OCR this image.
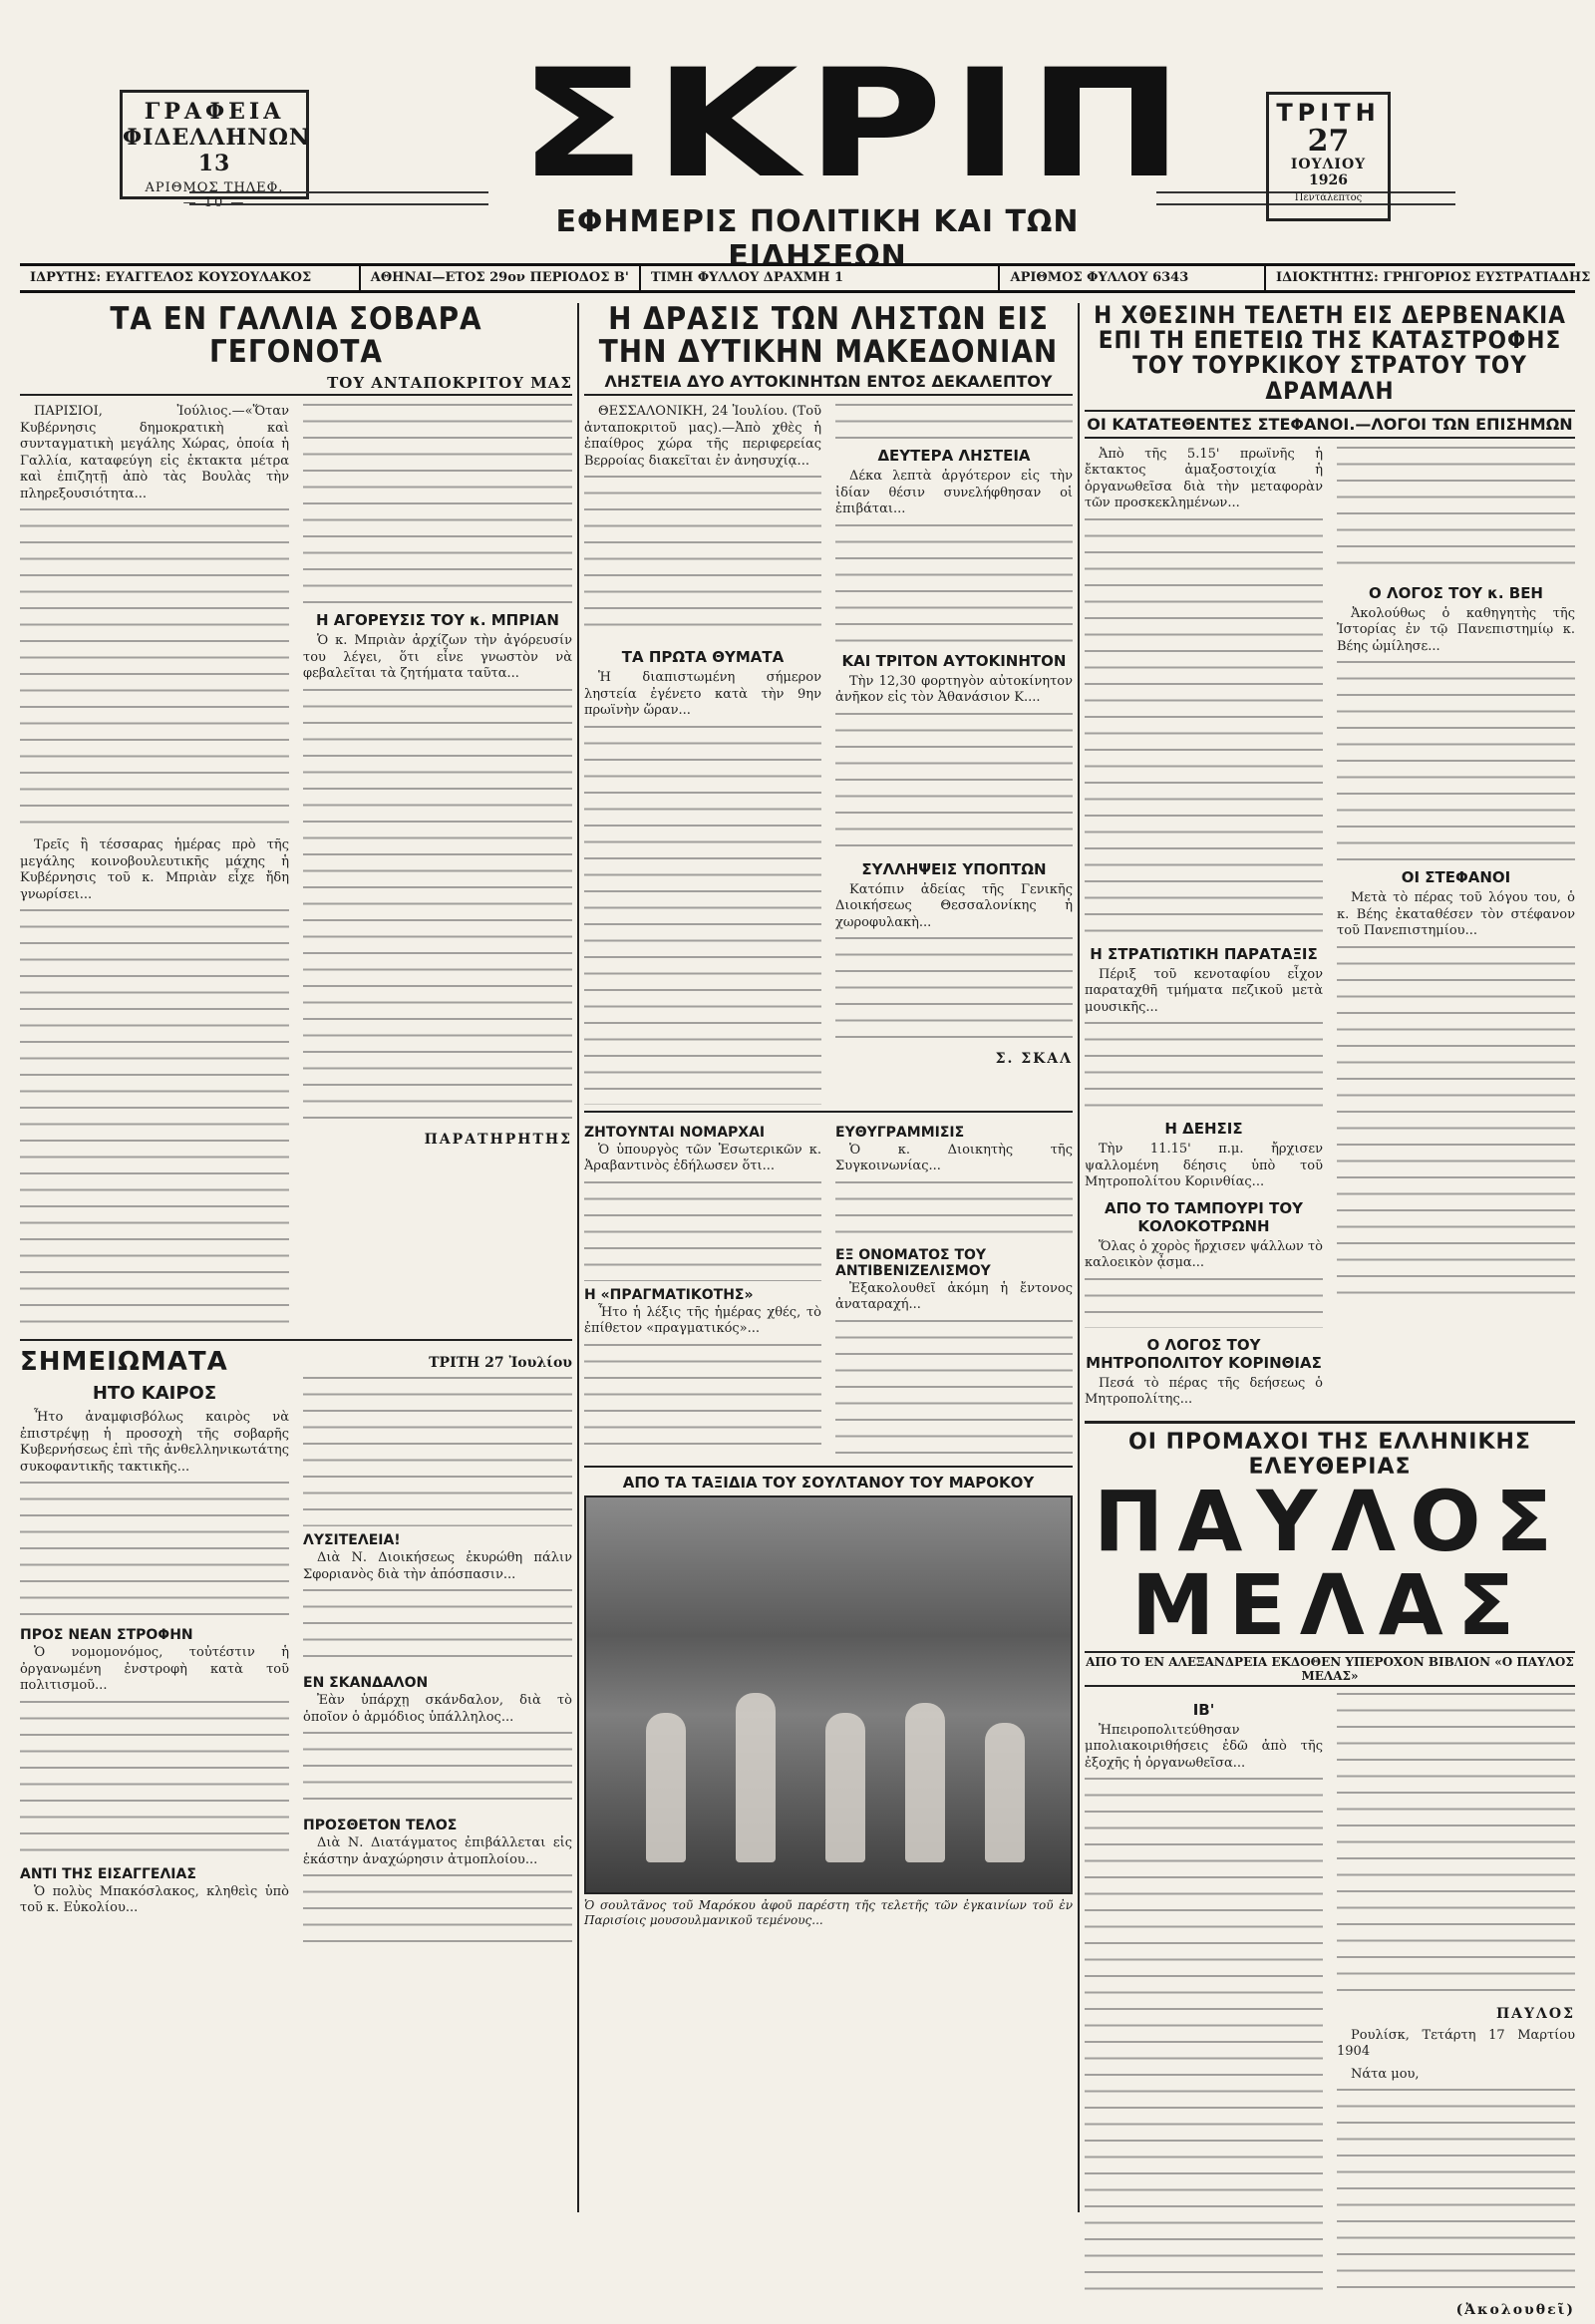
ΓΡΑΦΕΙΑ
ΦΙΔΕΛΛΗΝΩΝ 13
ΑΡΙΘΜΟΣ ΤΗΛΕΦ.
— 10 —	ΣΚΡΙΠ
ΕΦΗΜΕΡΙΣ ΠΟΛΙΤΙΚΗ ΚΑΙ ΤΩΝ ΕΙΔΗΣΕΩΝ
ΤΡΙΤΗ
27
ΙΟΥΛΙΟΥ
1926
Πεντάλεπτος
ΙΔΡΥΤΗΣ: ΕΥΑΓΓΕΛΟΣ ΚΟΥΣΟΥΛΑΚΟΣ	ΑΘΗΝΑΙ—ΕΤΟΣ 29ον ΠΕΡΙΟΔΟΣ Β'	ΤΙΜΗ ΦΥΛΛΟΥ ΔΡΑΧΜΗ 1	ΑΡΙΘΜΟΣ ΦΥΛΛΟΥ 6343	ΙΔΙΟΚΤΗΤΗΣ: ΓΡΗΓΟΡΙΟΣ ΕΥΣΤΡΑΤΙΑΔΗΣ
ΤΑ ΕΝ ΓΑΛΛΙΑ ΣΟΒΑΡΑ ΓΕΓΟΝΟΤΑ
ΤΟΥ ΑΝΤΑΠΟΚΡΙΤΟΥ ΜΑΣ

ΠΑΡΙΣΙΟΙ, Ἰούλιος.—«Ὅταν Κυβέρνησις δημοκρατικὴ καὶ συνταγματικὴ μεγάλης Χώρας, ὁποία ἡ Γαλλία, καταφεύγη εἰς ἐκτακτα μέτρα καὶ ἐπιζητῇ ἀπὸ τὰς Βουλὰς τὴν πληρεξουσιότητα...

Τρεῖς ἢ τέσσαρας ἡμέρας πρὸ τῆς μεγάλης κοινοβουλευτικῆς μάχης ἡ Κυβέρνησις τοῦ κ. Μπριὰν εἶχε ἤδη γνωρίσει...

Η ΑΓΟΡΕΥΣΙΣ ΤΟΥ κ. ΜΠΡΙΑΝ

Ὁ κ. Μπριὰν ἀρχίζων τὴν ἀγόρευσίν του λέγει, ὅτι εἶνε γνωστὸν νὰ φεβαλεῖται τὰ ζητήματα ταῦτα...

ΠΑΡΑΤΗΡΗΤΗΣ
ΣΗΜΕΙΩΜΑΤΑ	ΤΡΙΤΗ 27 Ἰουλίου
ΗΤΟ ΚΑΙΡΟΣ

Ἦτο ἀναμφισβόλως καιρὸς νὰ ἐπιστρέψῃ ἡ προσοχὴ τῆς σοβαρῆς Κυβερνήσεως ἐπὶ τῆς ἀνθελληνικωτάτης συκοφαντικῆς τακτικῆς...

ΠΡΟΣ ΝΕΑΝ ΣΤΡΟΦΗΝ

Ὁ νομομονόμος, τοὐτέστιν ἡ ὀργανωμένη ἐνστροφὴ κατὰ τοῦ πολιτισμοῦ...

ΑΝΤΙ ΤΗΣ ΕΙΣΑΓΓΕΛΙΑΣ

Ὁ πολὺς Μπακόσλακος, κληθεὶς ὑπὸ τοῦ κ. Εὐκολίου...

ΛΥΣΙΤΕΛΕΙΑ!

Διὰ Ν. Διοικήσεως ἐκυρώθη πάλιν Σφοριανὸς διὰ τὴν ἀπόσπασιν...

ΕΝ ΣΚΑΝΔΑΛΟΝ

Ἐὰν ὑπάρχῃ σκάνδαλον, διὰ τὸ ὁποῖον ὁ ἀρμόδιος ὑπάλληλος...

ΠΡΟΣΘΕΤΟΝ ΤΕΛΟΣ

Διὰ Ν. Διατάγματος ἐπιβάλλεται εἰς ἑκάστην ἀναχώρησιν ἀτμοπλοίου...

Η ΔΡΑΣΙΣ ΤΩΝ ΛΗΣΤΩΝ ΕΙΣ ΤΗΝ ΔΥΤΙΚΗΝ ΜΑΚΕΔΟΝΙΑΝ
ΛΗΣΤΕΙΑ ΔΥΟ ΑΥΤΟΚΙΝΗΤΩΝ ΕΝΤΟΣ ΔΕΚΑΛΕΠΤΟΥ

ΘΕΣΣΑΛΟΝΙΚΗ, 24 Ἰουλίου. (Τοῦ ἀνταποκριτοῦ μας).—Ἀπὸ χθὲς ἡ ἐπαίθρος χώρα τῆς περιφερείας Βερροίας διακεῖται ἐν ἀνησυχίᾳ...

ΤΑ ΠΡΩΤΑ ΘΥΜΑΤΑ

Ἡ διαπιστωμένη σήμερον ληστεία ἐγένετο κατὰ τὴν 9ην πρωϊνὴν ὥραν...

ΔΕΥΤΕΡΑ ΛΗΣΤΕΙΑ

Δέκα λεπτὰ ἀργότερον εἰς τὴν ἰδίαν θέσιν συνελήφθησαν οἱ ἐπιβάται...

ΚΑΙ ΤΡΙΤΟΝ ΑΥΤΟΚΙΝΗΤΟΝ

Τὴν 12,30 φορτηγὸν αὐτοκίνητον ἀνῆκον εἰς τὸν Ἀθανάσιον Κ....

ΣΥΛΛΗΨΕΙΣ ΥΠΟΠΤΩΝ

Κατόπιν ἀδείας τῆς Γενικῆς Διοικήσεως Θεσσαλονίκης ἡ χωροφυλακὴ...

Σ. ΣΚΑΛ
ΖΗΤΟΥΝΤΑΙ ΝΟΜΑΡΧΑΙ

Ὁ ὑπουργὸς τῶν Ἐσωτερικῶν κ. Ἀραβαντινὸς ἐδήλωσεν ὅτι...

Η «ΠΡΑΓΜΑΤΙΚΟΤΗΣ»

Ἦτο ἡ λέξις τῆς ἡμέρας χθές, τὸ ἐπίθετον «πραγματικός»...

ΕΥΘΥΓΡΑΜΜΙΣΙΣ

Ὁ κ. Διοικητὴς τῆς Συγκοινωνίας...

ΕΞ ΟΝΟΜΑΤΟΣ ΤΟΥ ΑΝΤΙΒΕΝΙΖΕΛΙΣΜΟΥ

Ἐξακολουθεῖ ἀκόμη ἡ ἔντονος ἀναταραχή...

ΑΠΟ ΤΑ ΤΑΞΙΔΙΑ ΤΟΥ ΣΟΥΛΤΑΝΟΥ ΤΟΥ ΜΑΡΟΚΟΥ
Ὁ σουλτᾶνος τοῦ Μαρόκου ἀφοῦ παρέστη τῆς τελετῆς τῶν ἐγκαινίων τοῦ ἐν Παρισίοις μουσουλμανικοῦ τεμένους...
Η ΧΘΕΣΙΝΗ ΤΕΛΕΤΗ ΕΙΣ ΔΕΡΒΕΝΑΚΙΑ ΕΠΙ ΤΗ ΕΠΕΤΕΙΩ ΤΗΣ ΚΑΤΑΣΤΡΟΦΗΣ ΤΟΥ ΤΟΥΡΚΙΚΟΥ ΣΤΡΑΤΟΥ ΤΟΥ ΔΡΑΜΑΛΗ
ΟΙ ΚΑΤΑΤΕΘΕΝΤΕΣ ΣΤΕΦΑΝΟΙ.—ΛΟΓΟΙ ΤΩΝ ΕΠΙΣΗΜΩΝ

Ἀπὸ τῆς 5.15' πρωϊνῆς ἡ ἔκτακτος ἀμαξοστοιχία ἡ ὀργανωθεῖσα διὰ τὴν μεταφορὰν τῶν προσκεκλημένων...

Η ΣΤΡΑΤΙΩΤΙΚΗ ΠΑΡΑΤΑΞΙΣ

Πέριξ τοῦ κενοταφίου εἶχον παραταχθῆ τμήματα πεζικοῦ μετὰ μουσικῆς...

Η ΔΕΗΣΙΣ

Τὴν 11.15' π.μ. ἤρχισεν ψαλλομένη δέησις ὑπὸ τοῦ Μητροπολίτου Κορινθίας...

ΑΠΟ ΤΟ ΤΑΜΠΟΥΡΙ ΤΟΥ ΚΟΛΟΚΟΤΡΩΝΗ

Ὅλας ὁ χορὸς ἤρχισεν ψάλλων τὸ καλοεικὸν ᾆσμα...

Ο ΛΟΓΟΣ ΤΟΥ ΜΗΤΡΟΠΟΛΙΤΟΥ ΚΟΡΙΝΘΙΑΣ

Πεσά τὸ πέρας τῆς δεήσεως ὁ Μητροπολίτης...

Ο ΛΟΓΟΣ ΤΟΥ κ. ΒΕΗ

Ἀκολούθως ὁ καθηγητὴς τῆς Ἱστορίας ἐν τῷ Πανεπιστημίῳ κ. Βέης ὡμίλησε...

ΟΙ ΣΤΕΦΑΝΟΙ

Μετὰ τὸ πέρας τοῦ λόγου του, ὁ κ. Βέης ἐκαταθέσεν τὸν στέφανον τοῦ Πανεπιστημίου...

ΟΙ ΠΡΟΜΑΧΟΙ ΤΗΣ ΕΛΛΗΝΙΚΗΣ ΕΛΕΥΘΕΡΙΑΣ
ΠΑΥΛΟΣ ΜΕΛΑΣ
ΑΠΟ ΤΟ ΕΝ ΑΛΕΞΑΝΔΡΕΙΑ ΕΚΔΟΘΕΝ ΥΠΕΡΟΧΟΝ ΒΙΒΛΙΟΝ «Ο ΠΑΥΛΟΣ ΜΕΛΑΣ»
ΙΒ'

Ἠπειροπολιτεύθησαν μπολιακοιριθήσεις ἐδῶ ἀπὸ τῆς ἐξοχῆς ἡ ὀργανωθεῖσα...

ΠΑΥΛΟΣ

Ρουλίσκ, Τετάρτη 17 Μαρτίου 1904

Νάτα μου,

(Ἀκολουθεῖ)
